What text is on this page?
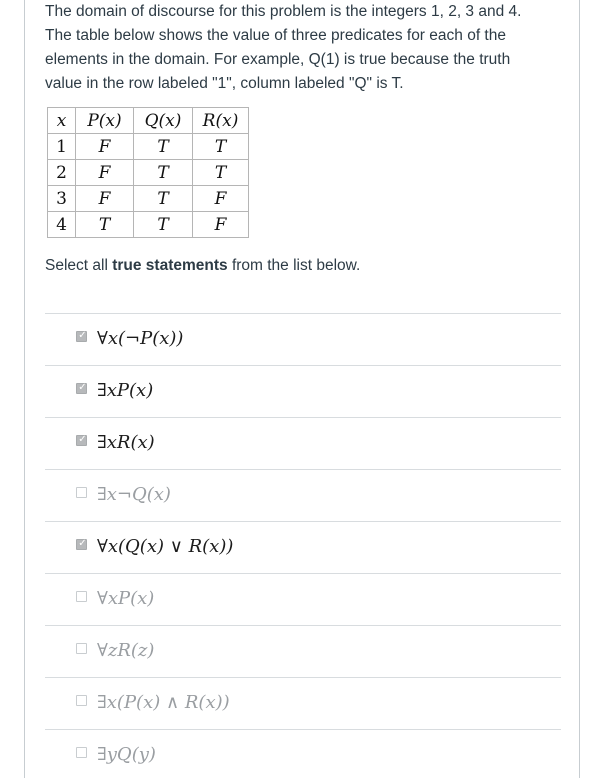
The domain of discourse for this problem is the integers 1, 2, 3 and 4.

The table below shows the value of three predicates for each of the

elements in the domain. For example, Q(1) is true because the truth

value in the row labeled "1", column labeled "Q" is T.

x	P(x)	Q(x)	R(x)
1	F	T	T
2	F	T	T
3	F	T	F
4	T	T	F
Select all true statements from the list below.
✓ ∀x(¬P(x))
✓ ∃xP(x)
✓ ∃xR(x)
∃x¬Q(x)
✓ ∀x(Q(x) ∨ R(x))
∀xP(x)
∀zR(z)
∃x(P(x) ∧ R(x))
∃yQ(y)
